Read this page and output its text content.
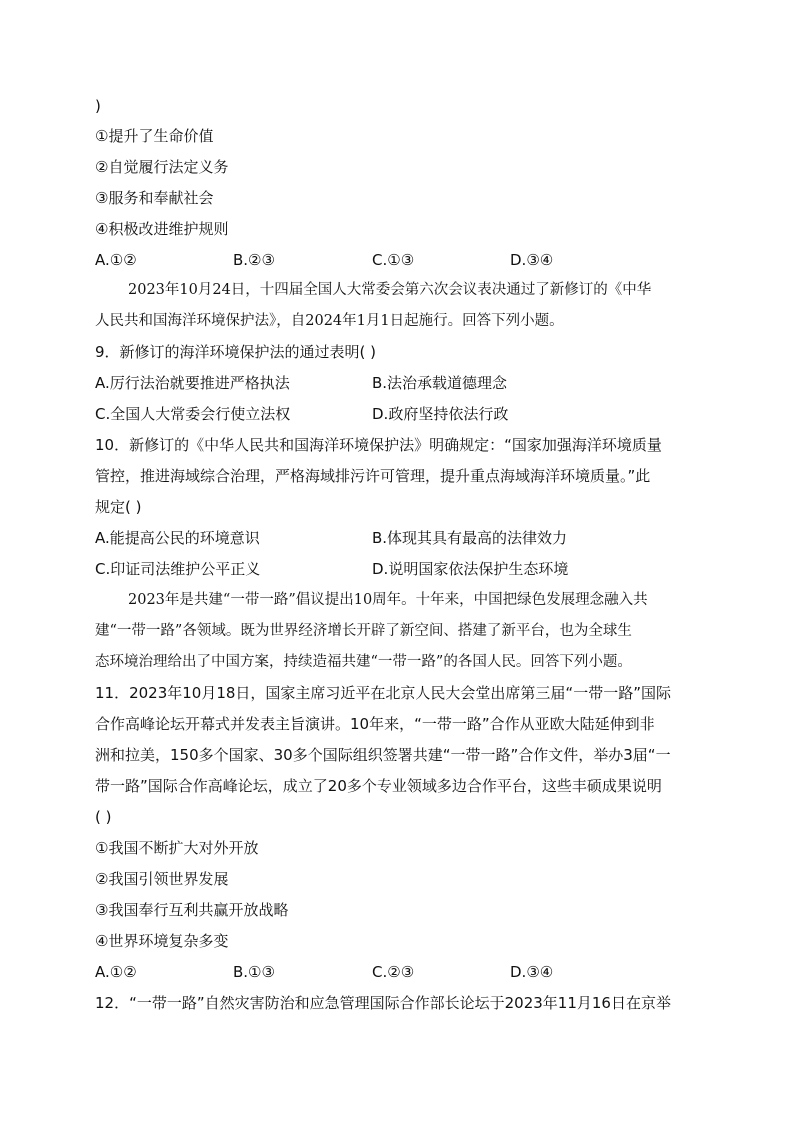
)
①提升了生命价值
②自觉履行法定义务
③服务和奉献社会
④积极改进维护规则
A.①②	B.②③	C.①③	D.③④
2023年10月24日，十四届全国人大常委会第六次会议表决通过了新修订的《中华
人民共和国海洋环境保护法》，自2024年1月1日起施行。回答下列小题。
9．新修订的海洋环境保护法的通过表明( )
A.厉行法治就要推进严格执法	B.法治承载道德理念
C.全国人大常委会行使立法权	D.政府坚持依法行政
10．新修订的《中华人民共和国海洋环境保护法》明确规定：“国家加强海洋环境质量
管控，推进海域综合治理，严格海域排污许可管理，提升重点海域海洋环境质量。”此
规定( )
A.能提高公民的环境意识	B.体现其具有最高的法律效力
C.印证司法维护公平正义	D.说明国家依法保护生态环境
2023年是共建“一带一路”倡议提出10周年。十年来，中国把绿色发展理念融入共
建“一带一路”各领域。既为世界经济增长开辟了新空间、搭建了新平台，也为全球生
态环境治理给出了中国方案，持续造福共建“一带一路”的各国人民。回答下列小题。
11．2023年10月18日，国家主席习近平在北京人民大会堂出席第三届“一带一路”国际
合作高峰论坛开幕式并发表主旨演讲。10年来，“一带一路”合作从亚欧大陆延伸到非
洲和拉美，150多个国家、30多个国际组织签署共建“一带一路”合作文件，举办3届“一
带一路”国际合作高峰论坛，成立了20多个专业领域多边合作平台，这些丰硕成果说明
( )
①我国不断扩大对外开放
②我国引领世界发展
③我国奉行互利共赢开放战略
④世界环境复杂多变
A.①②	B.①③	C.②③	D.③④
12．“一带一路”自然灾害防治和应急管理国际合作部长论坛于2023年11月16日在京举
